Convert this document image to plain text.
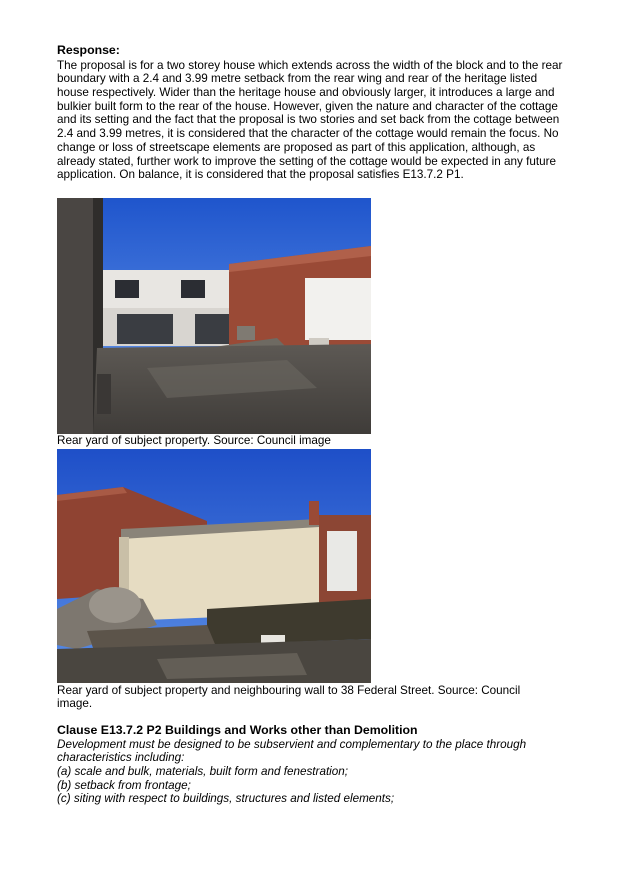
Response:
The proposal is for a two storey house which extends across the width of the block and to the rear boundary with a 2.4 and 3.99 metre setback from the rear wing and rear of the heritage listed house respectively. Wider than the heritage house and obviously larger, it introduces a large and bulkier built form to the rear of the house. However, given the nature and character of the cottage and its setting and the fact that the proposal is two stories and set back from the cottage between 2.4 and 3.99 metres, it is considered that the character of the cottage would remain the focus. No change or loss of streetscape elements are proposed as part of this application, although, as already stated, further work to improve the setting of the cottage would be expected in any future application. On balance, it is considered that the proposal satisfies E13.7.2 P1.
Rear yard of subject property. Source: Council image
Rear yard of subject property and neighbouring wall to 38 Federal Street. Source: Council image.
Clause E13.7.2 P2 Buildings and Works other than Demolition
Development must be designed to be subservient and complementary to the place through characteristics including:
(a) scale and bulk, materials, built form and fenestration;
(b) setback from frontage;
(c) siting with respect to buildings, structures and listed elements;
